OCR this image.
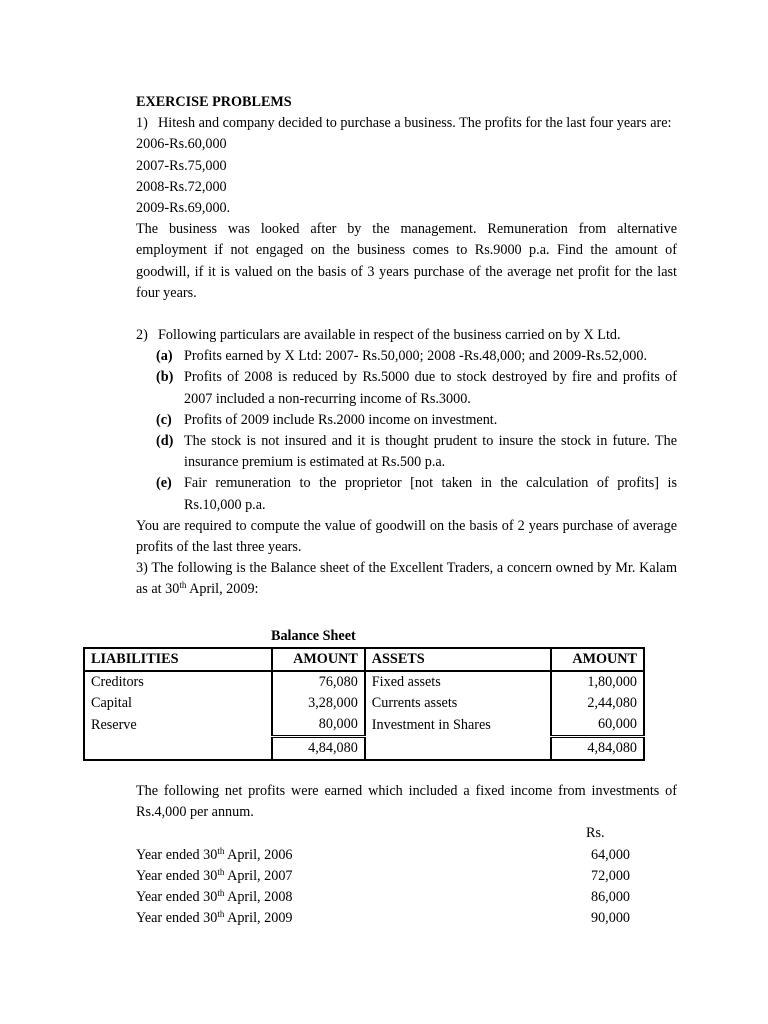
EXERCISE PROBLEMS
1) Hitesh and company decided to purchase a business. The profits for the last four years are:
2006-Rs.60,000
2007-Rs.75,000
2008-Rs.72,000
2009-Rs.69,000.
The business was looked after by the management. Remuneration from alternative employment if not engaged on the business comes to Rs.9000 p.a. Find the amount of goodwill, if it is valued on the basis of 3 years purchase of the average net profit for the last four years.
2) Following particulars are available in respect of the business carried on by X Ltd.
(a) Profits earned by X Ltd: 2007- Rs.50,000; 2008 -Rs.48,000; and 2009-Rs.52,000.
(b) Profits of 2008 is reduced by Rs.5000 due to stock destroyed by fire and profits of 2007 included a non-recurring income of Rs.3000.
(c) Profits of 2009 include Rs.2000 income on investment.
(d) The stock is not insured and it is thought prudent to insure the stock in future. The insurance premium is estimated at Rs.500 p.a.
(e) Fair remuneration to the proprietor [not taken in the calculation of profits] is Rs.10,000 p.a.
You are required to compute the value of goodwill on the basis of 2 years purchase of average profits of the last three years.
3) The following is the Balance sheet of the Excellent Traders, a concern owned by Mr. Kalam as at 30th April, 2009:
Balance Sheet
LIABILITIES	AMOUNT	ASSETS	AMOUNT
Creditors	76,080	Fixed assets	1,80,000
Capital	3,28,000	Currents assets	2,44,080
Reserve	80,000	Investment in Shares	60,000
	4,84,080		4,84,080
The following net profits were earned which included a fixed income from investments of Rs.4,000 per annum.
Rs.
Year ended 30th April, 2006	64,000
Year ended 30th April, 2007	72,000
Year ended 30th April, 2008	86,000
Year ended 30th April, 2009	90,000
